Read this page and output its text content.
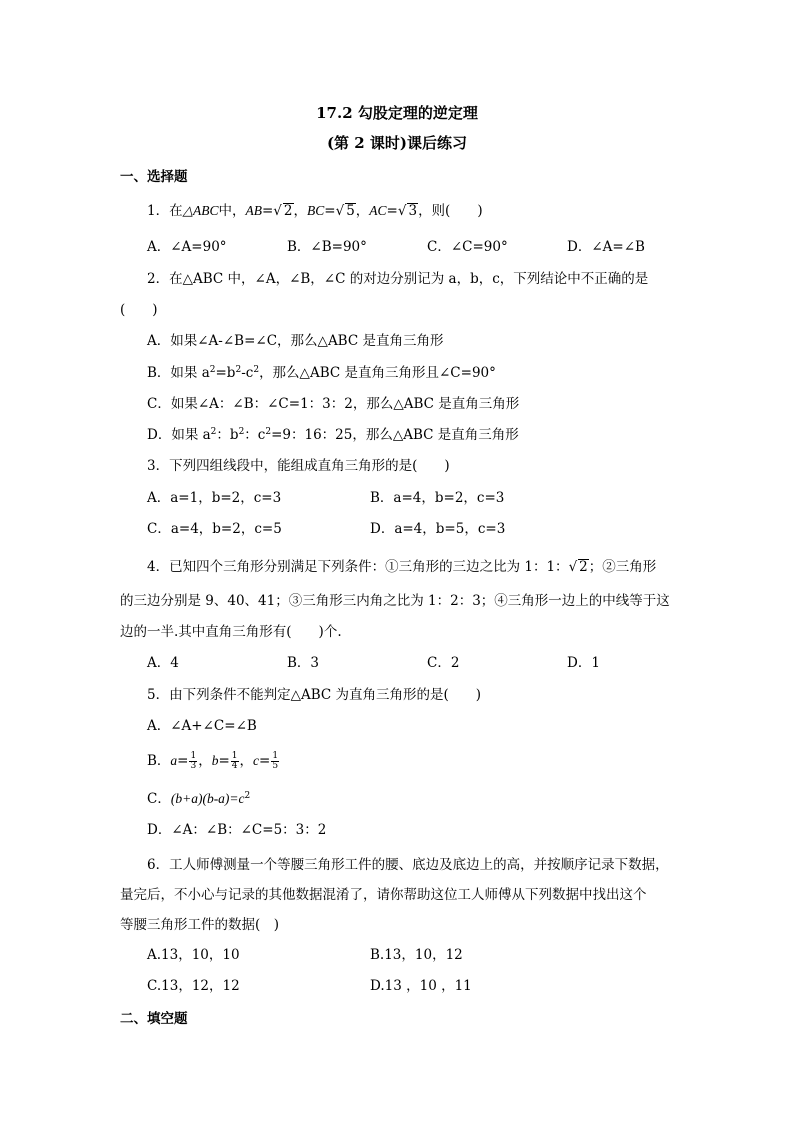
17.2 勾股定理的逆定理
(第 2 课时)课后练习
一、选择题
1．在△ABC中，AB=√ 2，BC=√ 5，AC=√ 3，则(　　)
A．∠A=90°	B．∠B=90°	C．∠C=90°	D．∠A=∠B
2．在△ABC 中，∠A，∠B，∠C 的对边分别记为 a，b，c，下列结论中不正确的是
(　　)
A．如果∠A-∠B=∠C，那么△ABC 是直角三角形
B．如果 $a^2=b^2-c^2$，那么△ABC 是直角三角形且∠C=90°
C．如果∠A：∠B：∠C=1：3：2，那么△ABC 是直角三角形
D．如果 $a^2$：$b^2$：$c^2=9$：16：25，那么△ABC 是直角三角形
3．下列四组线段中，能组成直角三角形的是(　　)
A．a=1，b=2，c=3	B．a=4，b=2，c=3
C．a=4，b=2，c=5	D．a=4，b=5，c=3
4．已知四个三角形分别满足下列条件：①三角形的三边之比为 1：1：√ 2；②三角形
的三边分别是 9、40、41；③三角形三内角之比为 1：2：3；④三角形一边上的中线等于这
边的一半.其中直角三角形有(　　)个.
A．4	B．3	C．2	D．1
5．由下列条件不能判定△ABC 为直角三角形的是(　　)
A．∠A+∠C=∠B
B．$a= \frac{1}{3}$ ，$b= \frac{1}{4}$ ，$c= \frac{1}{5}$
C．$(b+a)(b-a)=c^2$
D．∠A：∠B：∠C=5：3：2
6．工人师傅测量一个等腰三角形工件的腰、底边及底边上的高，并按顺序记录下数据，
量完后，不小心与记录的其他数据混淆了，请你帮助这位工人师傅从下列数据中找出这个
等腰三角形工件的数据(　)
A.13，10，10	B.13，10，12
C.13，12，12	D.13 ，10 ，11
二、填空题
